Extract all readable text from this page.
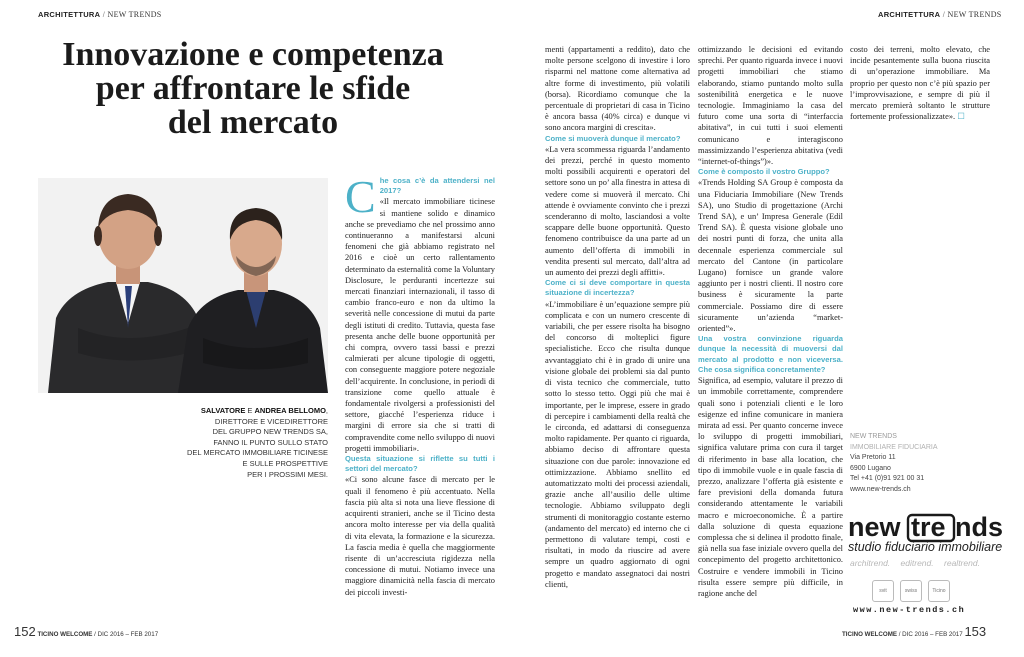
ARCHITETTURA / NEW TRENDS	ARCHITETTURA / NEW TRENDS
Innovazione e competenza
per affrontare le sfide
del mercato
SALVATORE E ANDREA BELLOMO,
DIRETTORE E VICEDIRETTORE
DEL GRUPPO NEW TRENDS SA,
FANNO IL PUNTO SULLO STATO
DEL MERCATO IMMOBILIARE TICINESE
E SULLE PROSPETTIVE
PER I PROSSIMI MESI.
C he cosa c’è da attendersi nel 2017?

«Il mercato immobiliare ticinese si mantiene solido e dinamico anche se prevediamo che nel prossimo anno continueranno a manifestarsi alcuni fenomeni che già abbiamo registrato nel 2016 e cioè un certo rallentamento determinato da esternalità come la Voluntary Disclosure, le perduranti incertezze sui mercati finanziari internazionali, il tasso di cambio franco-euro e non da ultimo la severità nelle concessione di mutui da parte degli istituti di credito. Tuttavia, questa fase presenta anche delle buone opportunità per chi compra, ovvero tassi bassi e prezzi calmierati per alcune tipologie di oggetti, con conseguente maggiore potere negoziale dell’acquirente. In conclusione, in periodi di transizione come quello attuale è fondamentale rivolgersi a professionisti del settore, giacché l’esperienza riduce i margini di errore sia che si tratti di compravendite come nello sviluppo di nuovi progetti immobiliari».

Questa situazione si riflette su tutti i settori del mercato?

«Ci sono alcune fasce di mercato per le quali il fenomeno è più accentuato. Nella fascia più alta si nota una lieve flessione di acquirenti stranieri, anche se il Ticino desta ancora molto interesse per via della qualità di vita elevata, la formazione e la sicurezza. La fascia media è quella che maggiormente risente di un’accresciuta rigidezza nella concessione di mutui. Notiamo invece una maggiore dinamicità nella fascia di mercato dei piccoli investi-

menti (appartamenti a reddito), dato che molte persone scelgono di investire i loro risparmi nel mattone come alternativa ad altre forme di investimento, più volatili (borsa). Ricordiamo comunque che la percentuale di proprietari di casa in Ticino è ancora bassa (40% circa) e dunque vi sono ancora margini di crescita».

Come si muoverà dunque il mercato?

«La vera scommessa riguarda l’andamento dei prezzi, perché in questo momento molti possibili acquirenti e operatori del settore sono un po’ alla finestra in attesa di vedere come si muoverà il mercato. Chi attende è ovviamente convinto che i prezzi scenderanno di molto, lasciandosi a volte scappare delle buone opportunità. Questo fenomeno contribuisce da una parte ad un aumento dell’offerta di immobili in vendita presenti sul mercato, dall’altra ad un aumento dei prezzi degli affitti».

Come ci si deve comportare in questa situazione di incertezza?

«L’immobiliare è un’equazione sempre più complicata e con un numero crescente di variabili, che per essere risolta ha bisogno del concorso di molteplici figure specialistiche. Ecco che risulta dunque avvantaggiato chi è in grado di unire una visione globale dei problemi sia dal punto di vista tecnico che commerciale, tutto sotto lo stesso tetto. Oggi più che mai è importante, per le imprese, essere in grado di percepire i cambiamenti della realtà che le circonda, ed adattarsi di conseguenza molto rapidamente. Per quanto ci riguarda, abbiamo deciso di affrontare questa situazione con due parole: innovazione ed ottimizzazione. Abbiamo snellito ed automatizzato molti dei processi aziendali, grazie anche all’ausilio delle ultime tecnologie. Abbiamo sviluppato degli strumenti di monitoraggio costante esterno (andamento del mercato) ed interno che ci permettono di valutare tempi, costi e risultati, in modo da riuscire ad avere sempre un quadro aggiornato di ogni progetto e mandato assegnatoci dai nostri clienti,

ottimizzando le decisioni ed evitando sprechi. Per quanto riguarda invece i nuovi progetti immobiliari che stiamo elaborando, stiamo puntando molto sulla sostenibilità energetica e le nuove tecnologie. Immaginiamo la casa del futuro come una sorta di “interfaccia abitativa”, in cui tutti i suoi elementi comunicano e interagiscono massimizzando l’esperienza abitativa (vedi “internet-of-things”)».

Come è composto il vostro Gruppo?

«Trends Holding SA Group è composta da una Fiduciaria Immobiliare (New Trends SA), uno Studio di progettazione (Archi Trend SA), e un’ Impresa Generale (Edil Trend SA). È questa visione globale uno dei nostri punti di forza, che unita alla decennale esperienza commerciale sul mercato del Cantone (in particolare Lugano) fornisce un grande valore aggiunto per i nostri clienti. Il nostro core business è sicuramente la parte commerciale. Possiamo dire di essere sicuramente un’azienda “market-oriented”».

Una vostra convinzione riguarda dunque la necessità di muoversi dal mercato al prodotto e non viceversa. Che cosa significa concretamente?

Significa, ad esempio, valutare il prezzo di un immobile correttamente, comprendere quali sono i potenziali clienti e le loro esigenze ed infine comunicare in maniera mirata ad essi. Per quanto concerne invece lo sviluppo di progetti immobiliari, significa valutare prima con cura il target di riferimento in base alla location, che tipo di immobile vuole e in quale fascia di prezzo, analizzare l’offerta già esistente e fare previsioni della domanda futura considerando attentamente le variabili macro e microeconomiche. È a partire dalla soluzione di questa equazione complessa che si delinea il prodotto finale, già nella sua fase iniziale ovvero quella del concepimento del progetto architettonico. Costruire e vendere immobili in Ticino risulta essere sempre più difficile, in ragione anche del

costo dei terreni, molto elevato, che incide pesantemente sulla buona riuscita di un’operazione immobiliare. Ma proprio per questo non c’è più spazio per l’improvvisazione, e sempre di più il mercato premierà soltanto le strutture fortemente professionalizzate». ☐

NEW TRENDS
IMMOBILIARE FIDUCIARIA
Via Pretorio 11
6900 Lugano
Tel +41 (0)91 921 00 31
www.new-trends.ch
new tre nds
studio fiduciario immobiliare
architrend. editrend. realtrend.
svit	swiss	Ticino
www.new-trends.ch
152 TICINO WELCOME / DIC 2016 – FEB 2017	TICINO WELCOME / DIC 2016 – FEB 2017 153
